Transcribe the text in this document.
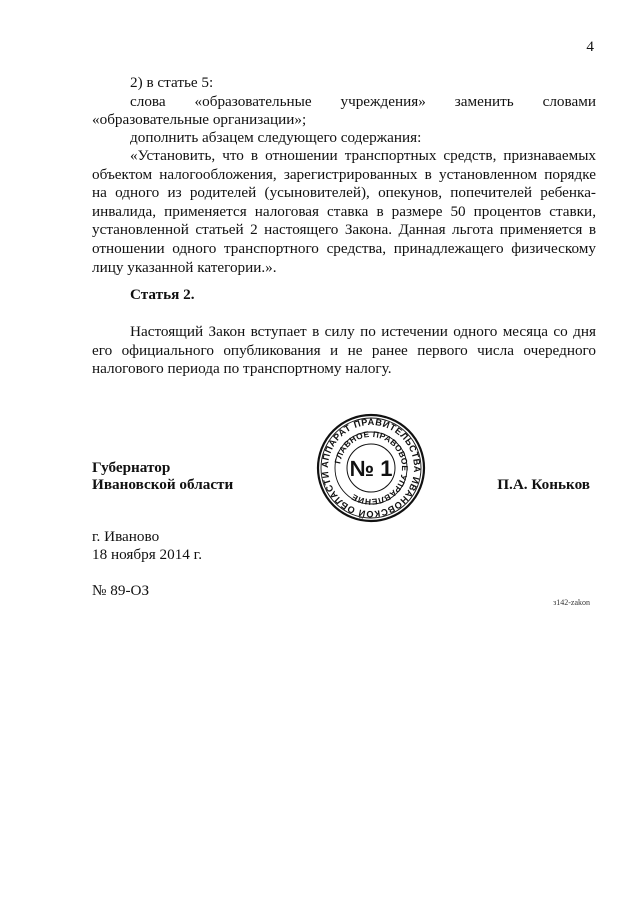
4

2) в статье 5:

слова «образовательные учреждения» заменить словами

«образовательные организации»;

дополнить абзацем следующего содержания:

«Установить, что в отношении транспортных средств, признаваемых объектом налогообложения, зарегистрированных в установленном порядке на одного из родителей (усыновителей), опекунов, попечителей ребенка-инвалида, применяется налоговая ставка в размере 50 процентов ставки, установленной статьей 2 настоящего Закона. Данная льгота применяется в отношении одного транспортного средства, принадлежащего физическому лицу указанной категории.».

Статья 2.

Настоящий Закон вступает в силу по истечении одного месяца со дня его официального опубликования и не ранее первого числа очередного налогового периода по транспортному налогу.

Губернатор

Ивановской области	П.А. Коньков

АППАРАТ ПРАВИТЕЛЬСТВА ИВАНОВСКОЙ ОБЛАСТИ
ГЛАВНОЕ ПРАВОВОЕ УПРАВЛЕНИЕ
№ 1

г. Иваново

18 ноября 2014 г.

№ 89-ОЗ

з142-zakon
